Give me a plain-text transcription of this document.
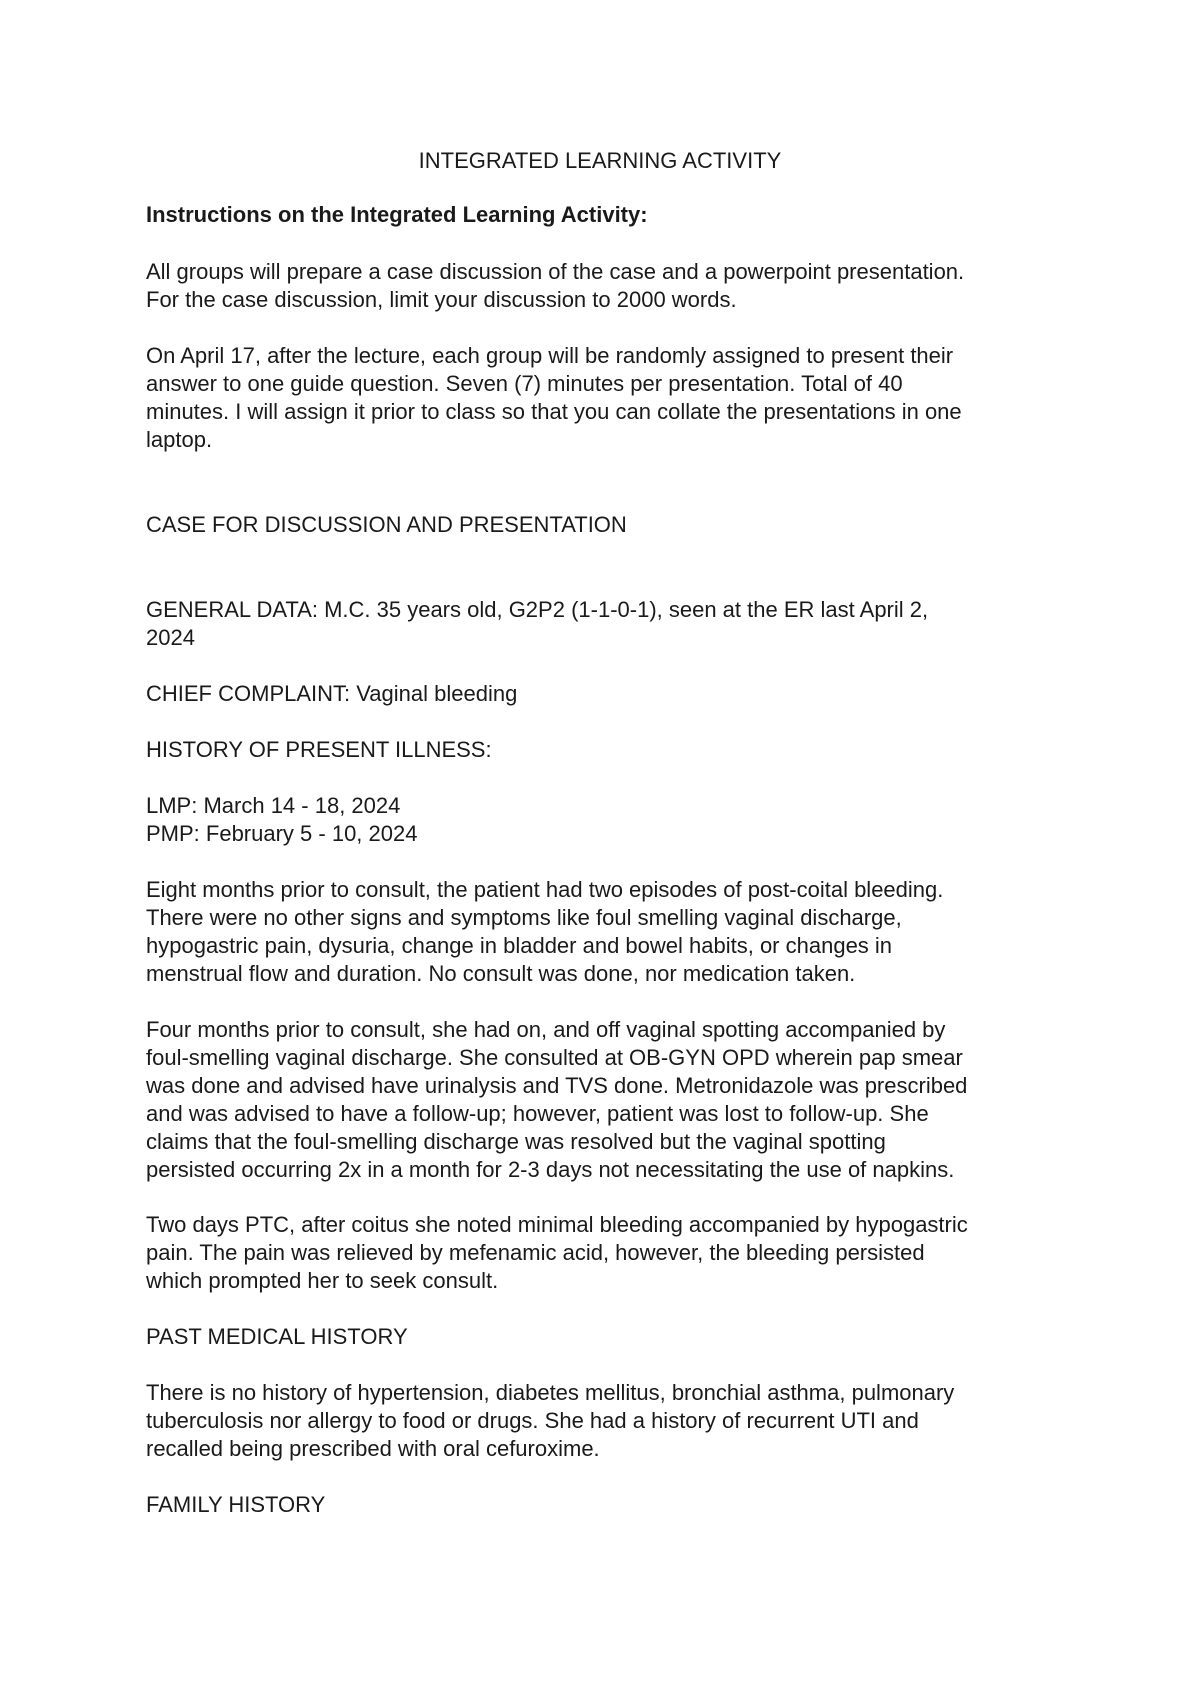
INTEGRATED LEARNING ACTIVITY

Instructions on the Integrated Learning Activity:

All groups will prepare a case discussion of the case and a powerpoint presentation.
For the case discussion, limit your discussion to 2000 words.

On April 17, after the lecture, each group will be randomly assigned to present their
answer to one guide question. Seven (7) minutes per presentation. Total of 40
minutes. I will assign it prior to class so that you can collate the presentations in one
laptop.

CASE FOR DISCUSSION AND PRESENTATION

GENERAL DATA: M.C. 35 years old, G2P2 (1-1-0-1), seen at the ER last April 2,
2024

CHIEF COMPLAINT: Vaginal bleeding

HISTORY OF PRESENT ILLNESS:

LMP: March 14 - 18, 2024
PMP: February 5 - 10, 2024

Eight months prior to consult, the patient had two episodes of post-coital bleeding.
There were no other signs and symptoms like foul smelling vaginal discharge,
hypogastric pain, dysuria, change in bladder and bowel habits, or changes in
menstrual flow and duration. No consult was done, nor medication taken.

Four months prior to consult, she had on, and off vaginal spotting accompanied by
foul-smelling vaginal discharge. She consulted at OB-GYN OPD wherein pap smear
was done and advised have urinalysis and TVS done. Metronidazole was prescribed
and was advised to have a follow-up; however, patient was lost to follow-up. She
claims that the foul-smelling discharge was resolved but the vaginal spotting
persisted occurring 2x in a month for 2-3 days not necessitating the use of napkins.

Two days PTC, after coitus she noted minimal bleeding accompanied by hypogastric
pain. The pain was relieved by mefenamic acid, however, the bleeding persisted
which prompted her to seek consult.

PAST MEDICAL HISTORY

There is no history of hypertension, diabetes mellitus, bronchial asthma, pulmonary
tuberculosis nor allergy to food or drugs. She had a history of recurrent UTI and
recalled being prescribed with oral cefuroxime.

FAMILY HISTORY
